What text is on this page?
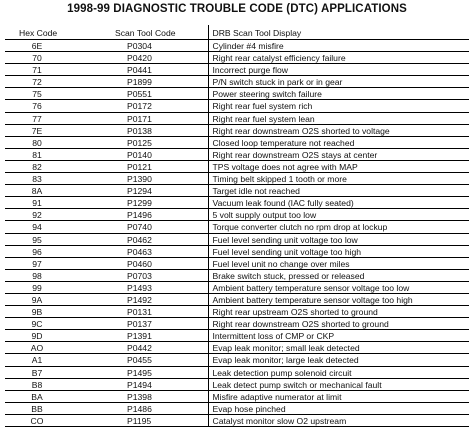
1998-99 DIAGNOSTIC TROUBLE CODE (DTC) APPLICATIONS
Hex Code	Scan Tool Code	DRB Scan Tool Display
6E	P0304	Cylinder #4 misfire
70	P0420	Right rear catalyst efficiency failure
71	P0441	Incorrect purge flow
72	P1899	P/N switch stuck in park or in gear
75	P0551	Power steering switch failure
76	P0172	Right rear fuel system rich
77	P0171	Right rear fuel system lean
7E	P0138	Right rear downstream O2S shorted to voltage
80	P0125	Closed loop temperature not reached
81	P0140	Right rear downstream O2S stays at center
82	P0121	TPS voltage does not agree with MAP
83	P1390	Timing belt skipped 1 tooth or more
8A	P1294	Target idle not reached
91	P1299	Vacuum leak found (IAC fully seated)
92	P1496	5 volt supply output too low
94	P0740	Torque converter clutch no rpm drop at lockup
95	P0462	Fuel level sending unit voltage too low
96	P0463	Fuel level sending unit voltage too high
97	P0460	Fuel level unit no change over miles
98	P0703	Brake switch stuck, pressed or released
99	P1493	Ambient battery temperature sensor voltage too low
9A	P1492	Ambient battery temperature sensor voltage too high
9B	P0131	Right rear upstream O2S shorted to ground
9C	P0137	Right rear downstream O2S shorted to ground
9D	P1391	Intermittent loss of CMP or CKP
AO	P0442	Evap leak monitor; small leak detected
A1	P0455	Evap leak monitor; large leak detected
B7	P1495	Leak detection pump solenoid circuit
B8	P1494	Leak detect pump switch or mechanical fault
BA	P1398	Misfire adaptive numerator at limit
BB	P1486	Evap hose pinched
CO	P1195	Catalyst monitor slow O2 upstream
